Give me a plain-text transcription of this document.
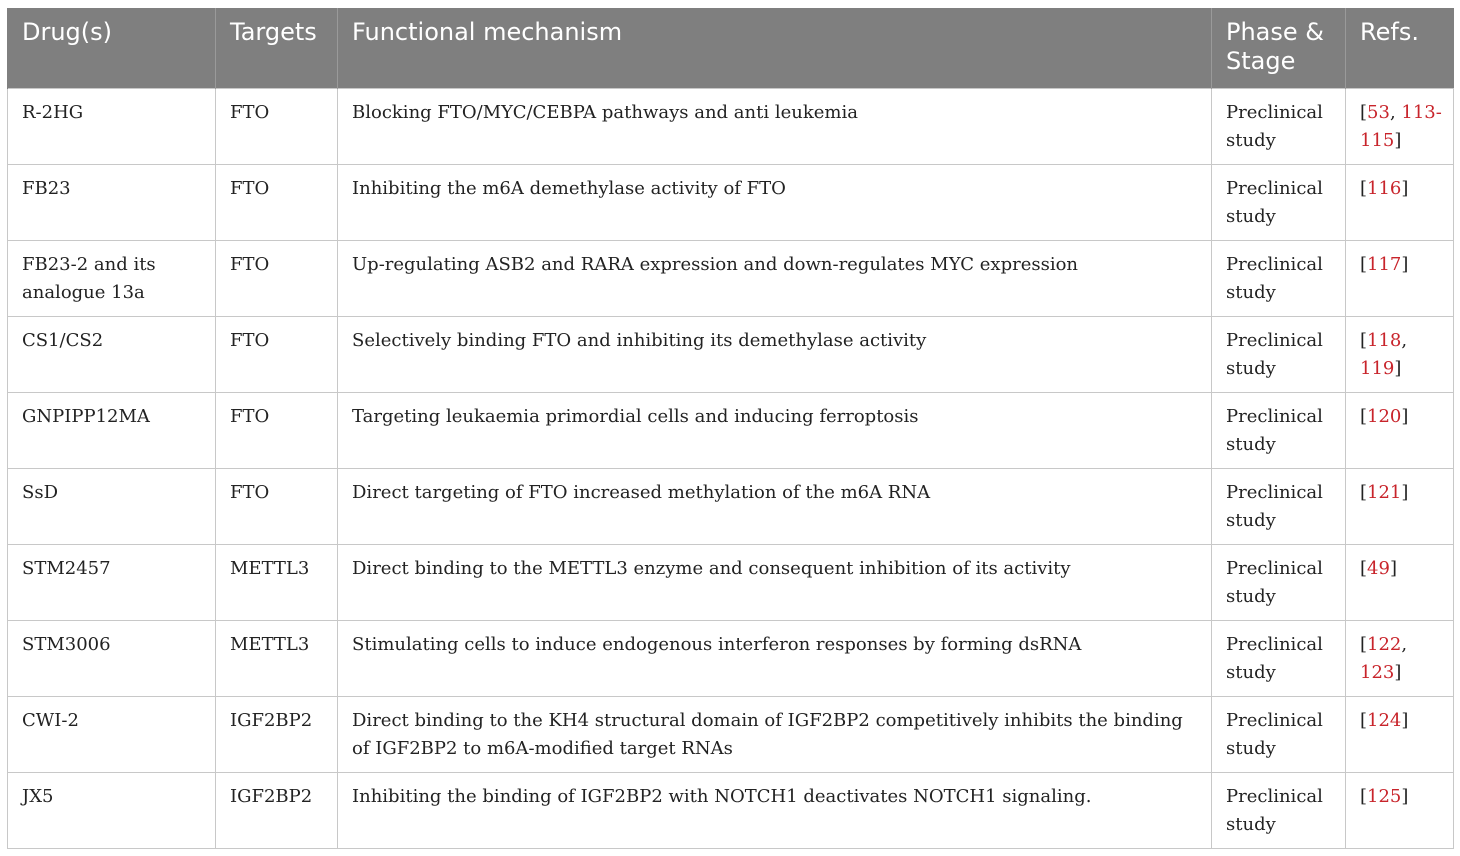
Drug(s)	Targets	Functional mechanism	Phase & Stage	Refs.
R-2HG	FTO	Blocking FTO/MYC/CEBPA pathways and anti leukemia	Preclinical study	[53, 113-115]
FB23	FTO	Inhibiting the m6A demethylase activity of FTO	Preclinical study	[116]
FB23-2 and its analogue 13a	FTO	Up-regulating ASB2 and RARA expression and down-regulates MYC expression	Preclinical study	[117]
CS1/CS2	FTO	Selectively binding FTO and inhibiting its demethylase activity	Preclinical study	[118, 119]
GNPIPP12MA	FTO	Targeting leukaemia primordial cells and inducing ferroptosis	Preclinical study	[120]
SsD	FTO	Direct targeting of FTO increased methylation of the m6A RNA	Preclinical study	[121]
STM2457	METTL3	Direct binding to the METTL3 enzyme and consequent inhibition of its activity	Preclinical study	[49]
STM3006	METTL3	Stimulating cells to induce endogenous interferon responses by forming dsRNA	Preclinical study	[122, 123]
CWI-2	IGF2BP2	Direct binding to the KH4 structural domain of IGF2BP2 competitively inhibits the binding of IGF2BP2 to m6A-modified target RNAs	Preclinical study	[124]
JX5	IGF2BP2	Inhibiting the binding of IGF2BP2 with NOTCH1 deactivates NOTCH1 signaling.	Preclinical study	[125]
